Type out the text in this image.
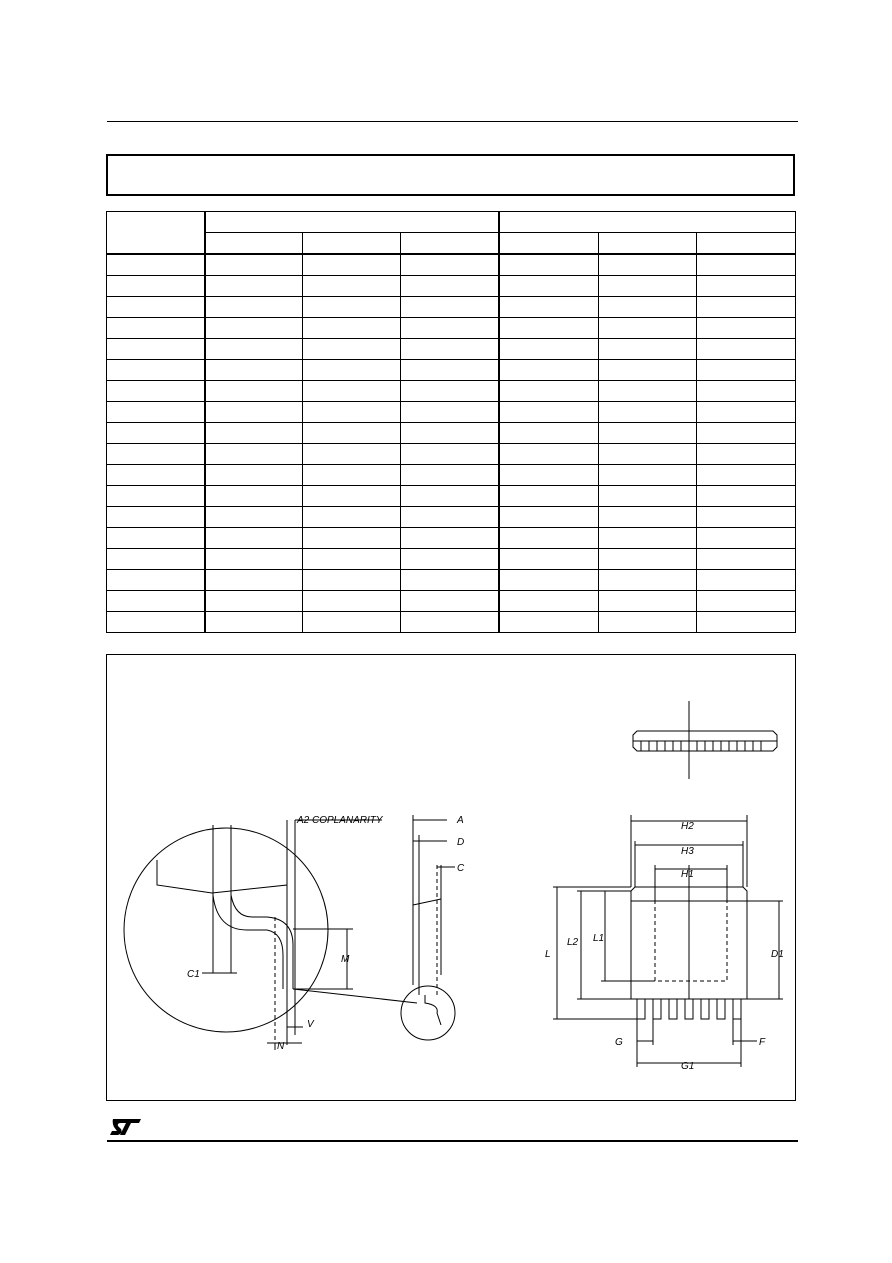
A2 COPLANARITY	A
D
C
C1
M
V
N
H2
H3
H1
L
L2 L1
D1
G
G1
F
